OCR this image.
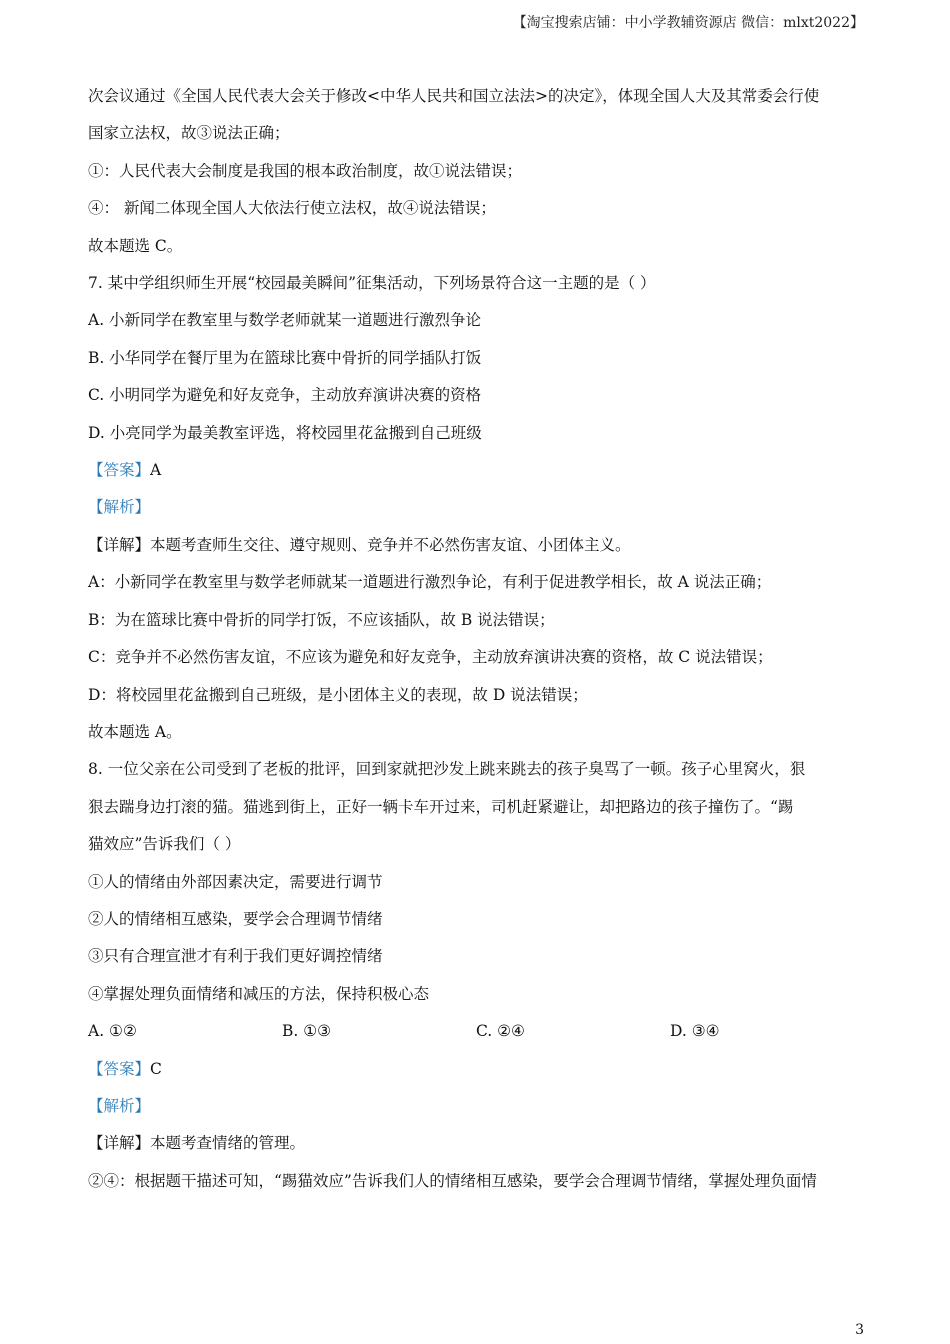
【淘宝搜索店铺：中小学教辅资源店 微信：mlxt2022】
次会议通过《全国人民代表大会关于修改<中华人民共和国立法法>的决定》，体现全国人大及其常委会行使
国家立法权，故③说法正确；
①：人民代表大会制度是我国的根本政治制度，故①说法错误；
④： 新闻二体现全国人大依法行使立法权，故④说法错误；
故本题选 C。
7. 某中学组织师生开展“校园最美瞬间”征集活动，下列场景符合这一主题的是（ ）
A. 小新同学在教室里与数学老师就某一道题进行激烈争论
B. 小华同学在餐厅里为在篮球比赛中骨折的同学插队打饭
C. 小明同学为避免和好友竞争，主动放弃演讲决赛的资格
D. 小亮同学为最美教室评选，将校园里花盆搬到自己班级
【答案】A
【解析】
【详解】本题考查师生交往、遵守规则、竞争并不必然伤害友谊、小团体主义。
A：小新同学在教室里与数学老师就某一道题进行激烈争论，有利于促进教学相长，故 A 说法正确；
B：为在篮球比赛中骨折的同学打饭，不应该插队，故 B 说法错误；
C：竞争并不必然伤害友谊，不应该为避免和好友竞争，主动放弃演讲决赛的资格，故 C 说法错误；
D：将校园里花盆搬到自己班级，是小团体主义的表现，故 D 说法错误；
故本题选 A。
8. 一位父亲在公司受到了老板的批评，回到家就把沙发上跳来跳去的孩子臭骂了一顿。孩子心里窝火，狠
狠去踹身边打滚的猫。猫逃到街上，正好一辆卡车开过来，司机赶紧避让，却把路边的孩子撞伤了。“踢
猫效应”告诉我们（ ）
①人的情绪由外部因素决定，需要进行调节
②人的情绪相互感染，要学会合理调节情绪
③只有合理宣泄才有利于我们更好调控情绪
④掌握处理负面情绪和减压的方法，保持积极心态
A. ①②	B. ①③	C. ②④	D. ③④
【答案】C
【解析】
【详解】本题考查情绪的管理。
②④：根据题干描述可知，“踢猫效应”告诉我们人的情绪相互感染，要学会合理调节情绪，掌握处理负面情
3
